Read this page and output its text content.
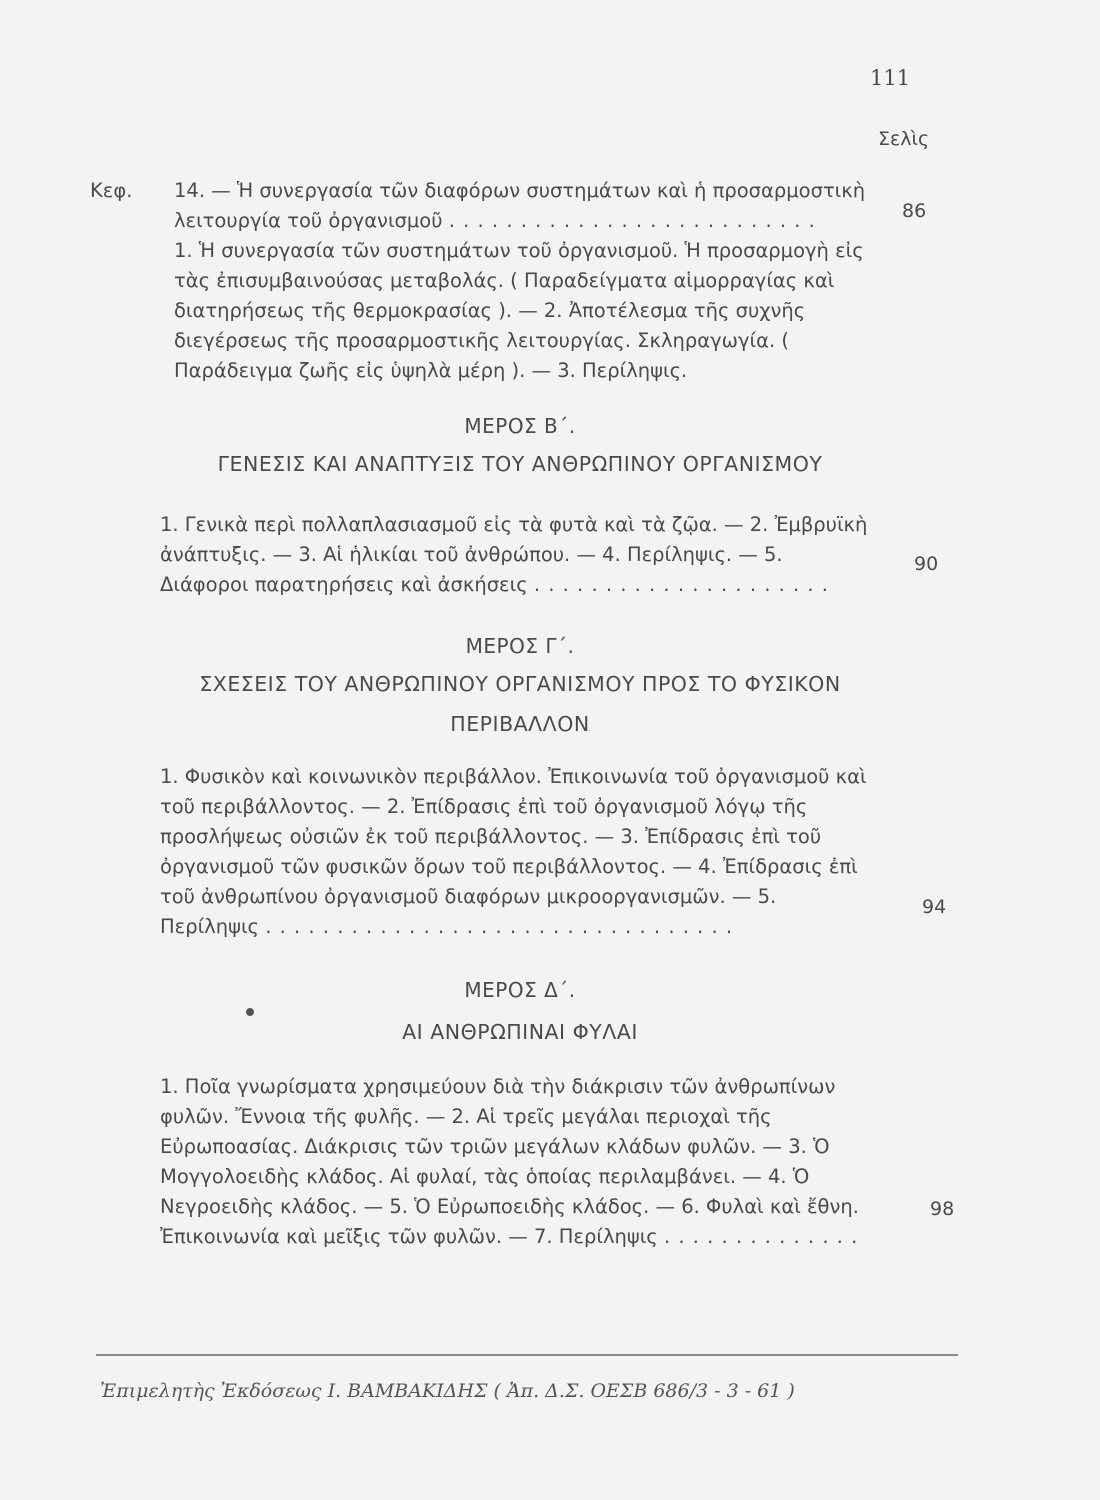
111
Σελὶς
Κεφ. 14. — Ἡ συνεργασία τῶν διαφόρων συστημάτων καὶ ἡ προσαρμοστικὴ λειτουργία τοῦ ὀργανισμοῦ . . . . . . . . . . . . . . . . . . . . . . . . . .
1. Ἡ συνεργασία τῶν συστημάτων τοῦ ὀργανισμοῦ. Ἡ προσαρμογὴ εἰς τὰς ἐπισυμβαινούσας μεταβολάς. ( Παραδείγματα αἱμορραγίας καὶ διατηρήσεως τῆς θερμοκρασίας ). — 2. Ἀποτέλεσμα τῆς συχνῆς διεγέρσεως τῆς προσαρμοστικῆς λειτουργίας. Σκληραγωγία. ( Παράδειγμα ζωῆς εἰς ὑψηλὰ μέρη ). — 3. Περίληψις.
86
ΜΕΡΟΣ Β΄.
ΓΕΝΕΣΙΣ ΚΑΙ ΑΝΑΠΤΥΞΙΣ ΤΟΥ ΑΝΘΡΩΠΙΝΟΥ ΟΡΓΑΝΙΣΜΟΥ
1. Γενικὰ περὶ πολλαπλασιασμοῦ εἰς τὰ φυτὰ καὶ τὰ ζῷα. — 2. Ἐμβρυϊκὴ ἀνάπτυξις. — 3. Αἱ ἡλικίαι τοῦ ἀνθρώπου. — 4. Περίληψις. — 5. Διάφοροι παρατηρήσεις καὶ ἀσκήσεις . . . . . . . . . . . . . . . . . . . . .
90
ΜΕΡΟΣ Γ΄.
ΣΧΕΣΕΙΣ ΤΟΥ ΑΝΘΡΩΠΙΝΟΥ ΟΡΓΑΝΙΣΜΟΥ ΠΡΟΣ ΤΟ ΦΥΣΙΚΟΝ
ΠΕΡΙΒΑΛΛΟΝ
1. Φυσικὸν καὶ κοινωνικὸν περιβάλλον. Ἐπικοινωνία τοῦ ὀργανισμοῦ καὶ τοῦ περιβάλλοντος. — 2. Ἐπίδρασις ἐπὶ τοῦ ὀργανισμοῦ λόγῳ τῆς προσλήψεως οὐσιῶν ἐκ τοῦ περιβάλλοντος. — 3. Ἐπίδρασις ἐπὶ τοῦ ὀργανισμοῦ τῶν φυσικῶν ὅρων τοῦ περιβάλλοντος. — 4. Ἐπίδρασις ἐπὶ τοῦ ἀνθρωπίνου ὀργανισμοῦ διαφόρων μικροοργανισμῶν. — 5. Περίληψις . . . . . . . . . . . . . . . . . . . . . . . . . . . . . . . . .
94
ΜΕΡΟΣ Δ΄.
ΑΙ ΑΝΘΡΩΠΙΝΑΙ ΦΥΛΑΙ
1. Ποῖα γνωρίσματα χρησιμεύουν διὰ τὴν διάκρισιν τῶν ἀνθρωπίνων φυλῶν. Ἔννοια τῆς φυλῆς. — 2. Αἱ τρεῖς μεγάλαι περιοχαὶ τῆς Εὐρωποασίας. Διάκρισις τῶν τριῶν μεγάλων κλάδων φυλῶν. — 3. Ὁ Μογγολοειδὴς κλάδος. Αἱ φυλαί, τὰς ὁποίας περιλαμβάνει. — 4. Ὁ Νεγροειδὴς κλάδος. — 5. Ὁ Εὐρωποειδὴς κλάδος. — 6. Φυλαὶ καὶ ἔθνη. Ἐπικοινωνία καὶ μεῖξις τῶν φυλῶν. — 7. Περίληψις . . . . . . . . . . . . . .
98
Ἐπιμελητὴς Ἐκδόσεως Ι. ΒΑΜΒΑΚΙΔΗΣ ( Ἀπ. Δ.Σ. ΟΕΣΒ 686/3 - 3 - 61 )
